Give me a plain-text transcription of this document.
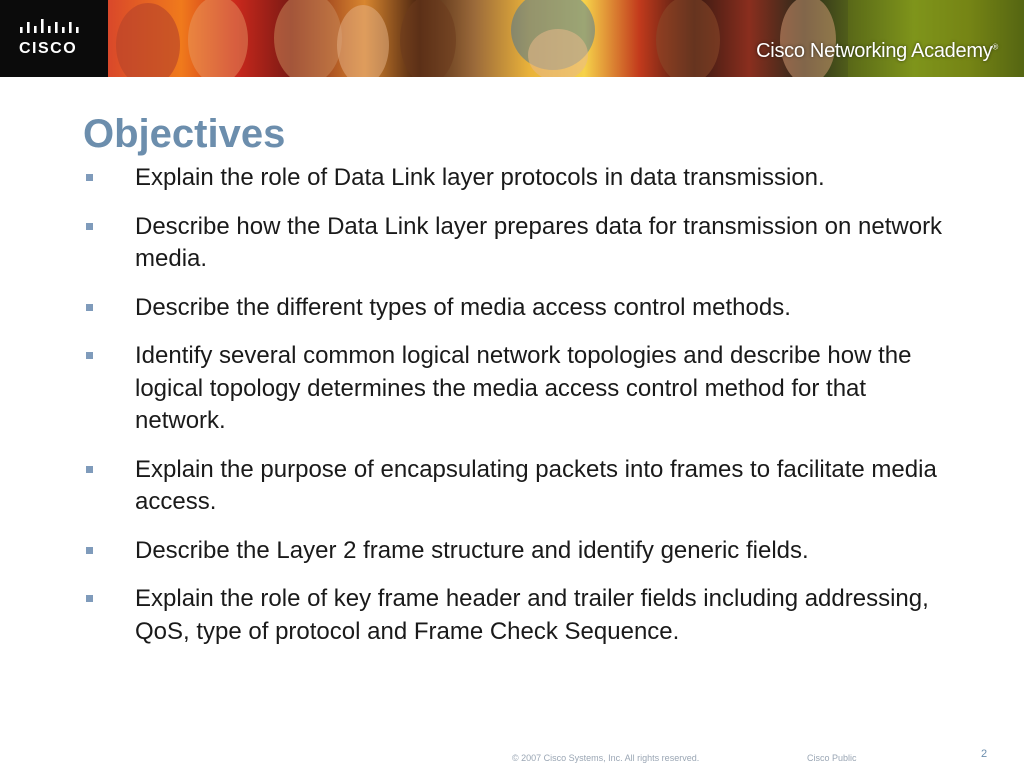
CISCO	Cisco Networking Academy®
Objectives
Explain the role of Data Link layer protocols in data transmission.
Describe how the Data Link layer prepares data for transmission on network media.
Describe the different types of media access control methods.
Identify several common logical network topologies and describe how the logical topology determines the media access control method for that network.
Explain the purpose of encapsulating packets into frames to facilitate media access.
Describe the Layer 2 frame structure and identify generic fields.
Explain the role of key frame header and trailer fields including addressing, QoS, type of protocol and Frame Check Sequence.
© 2007 Cisco Systems, Inc. All rights reserved.	Cisco Public	2
